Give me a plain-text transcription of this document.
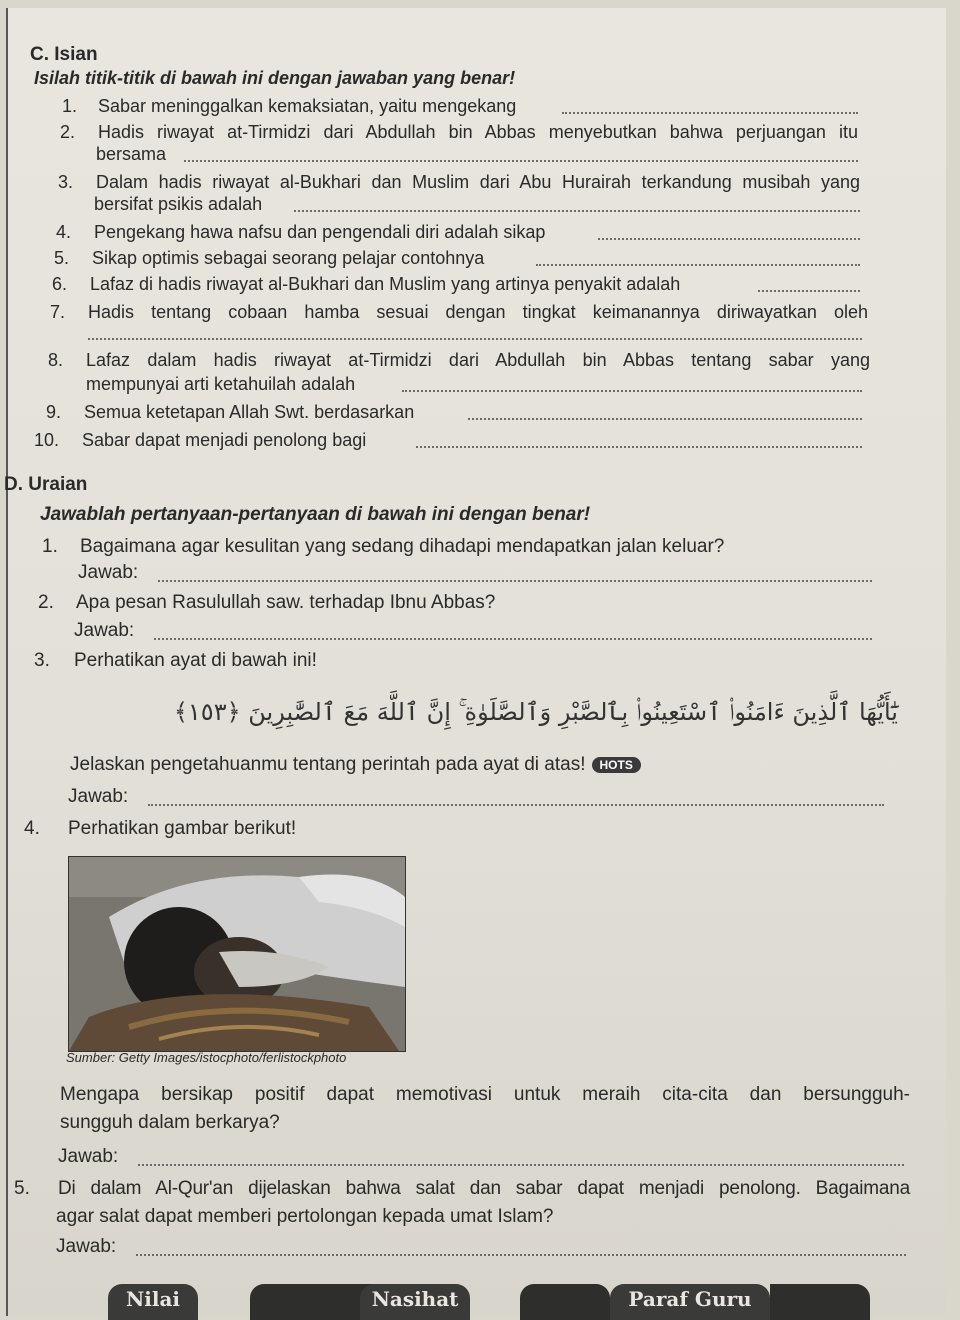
C. Isian
Isilah titik-titik di bawah ini dengan jawaban yang benar!
1. Sabar meninggalkan kemaksiatan, yaitu mengekang
2. Hadis riwayat at-Tirmidzi dari Abdullah bin Abbas menyebutkan bahwa perjuangan itu
bersama
3. Dalam hadis riwayat al-Bukhari dan Muslim dari Abu Hurairah terkandung musibah yang
bersifat psikis adalah
4. Pengekang hawa nafsu dan pengendali diri adalah sikap
5. Sikap optimis sebagai seorang pelajar contohnya
6. Lafaz di hadis riwayat al-Bukhari dan Muslim yang artinya penyakit adalah
7. Hadis tentang cobaan hamba sesuai dengan tingkat keimanannya diriwayatkan oleh
8. Lafaz dalam hadis riwayat at-Tirmidzi dari Abdullah bin Abbas tentang sabar yang
mempunyai arti ketahuilah adalah
9. Semua ketetapan Allah Swt. berdasarkan
10. Sabar dapat menjadi penolong bagi
D. Uraian
Jawablah pertanyaan-pertanyaan di bawah ini dengan benar!
1. Bagaimana agar kesulitan yang sedang dihadapi mendapatkan jalan keluar?
Jawab:
2. Apa pesan Rasulullah saw. terhadap Ibnu Abbas?
Jawab:
3. Perhatikan ayat di bawah ini!
يَٰٓأَيُّهَا ٱلَّذِينَ ءَامَنُوا۟ ٱسْتَعِينُوا۟ بِٱلصَّبْرِ وَٱلصَّلَوٰةِ ۚ إِنَّ ٱللَّهَ مَعَ ٱلصَّٰبِرِينَ ﴿١٥٣﴾
Jelaskan pengetahuanmu tentang perintah pada ayat di atas! HOTS
Jawab:
4. Perhatikan gambar berikut!
Sumber: Getty Images/istocphoto/ferlistockphoto
Mengapa bersikap positif dapat memotivasi untuk meraih cita-cita dan bersungguh-
sungguh dalam berkarya?
Jawab:
5. Di dalam Al-Qur'an dijelaskan bahwa salat dan sabar dapat menjadi penolong. Bagaimana
agar salat dapat memberi pertolongan kepada umat Islam?
Jawab:
Nilai	Nasihat	Paraf Guru
